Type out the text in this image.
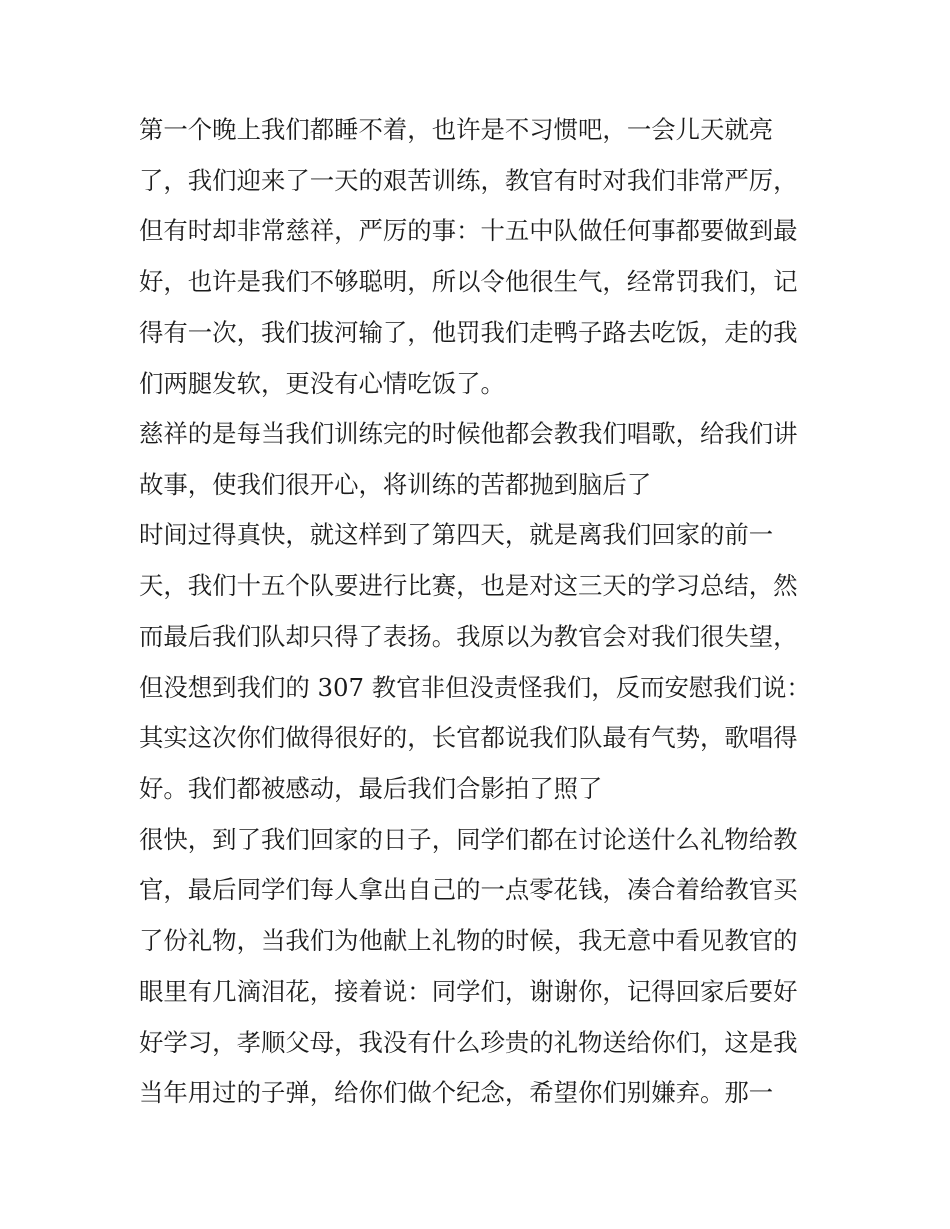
第一个晚上我们都睡不着，也许是不习惯吧，一会儿天就亮
了，我们迎来了一天的艰苦训练，教官有时对我们非常严厉，
但有时却非常慈祥，严厉的事：十五中队做任何事都要做到最
好，也许是我们不够聪明，所以令他很生气，经常罚我们，记
得有一次，我们拔河输了，他罚我们走鸭子路去吃饭，走的我
们两腿发软，更没有心情吃饭了。
慈祥的是每当我们训练完的时候他都会教我们唱歌，给我们讲
故事，使我们很开心，将训练的苦都抛到脑后了
时间过得真快，就这样到了第四天，就是离我们回家的前一
天，我们十五个队要进行比赛，也是对这三天的学习总结，然
而最后我们队却只得了表扬。我原以为教官会对我们很失望，
但没想到我们的 307 教官非但没责怪我们，反而安慰我们说：
其实这次你们做得很好的，长官都说我们队最有气势，歌唱得
好。我们都被感动，最后我们合影拍了照了
很快，到了我们回家的日子，同学们都在讨论送什么礼物给教
官，最后同学们每人拿出自己的一点零花钱，凑合着给教官买
了份礼物，当我们为他献上礼物的时候，我无意中看见教官的
眼里有几滴泪花，接着说：同学们，谢谢你，记得回家后要好
好学习，孝顺父母，我没有什么珍贵的礼物送给你们，这是我
当年用过的子弹，给你们做个纪念，希望你们别嫌弃。那一
